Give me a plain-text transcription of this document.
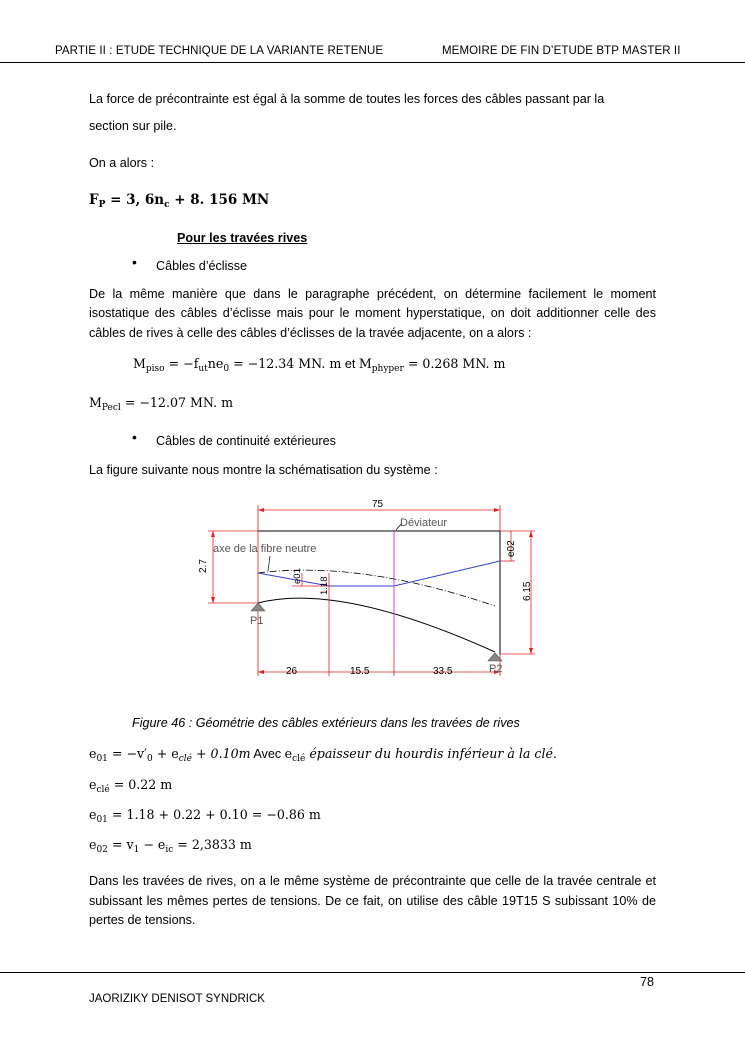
PARTIE II : ETUDE TECHNIQUE DE LA VARIANTE RETENUE	MEMOIRE DE FIN D’ETUDE BTP MASTER II
La force de précontrainte est égal à la somme de toutes les forces des câbles passant par la
section sur pile.
On a alors :
$F_P = 3$, $6n_c + 8$. 156 MN
Pour les travées rives
• Câbles d’éclisse
De la même manière que dans le paragraphe précédent, on détermine facilement le moment isostatique des câbles d’éclisse mais pour le moment hyperstatique, on doit additionner celle des câbles de rives à celle des câbles d’éclisses de la travée adjacente, on a alors :
$M_{piso} = -f_{ut}ne_0 = -12.34$ MN. m et $M_{phyper} = 0.268$ MN. m
$M_{Pecl} = -12.07$ MN. m
• Câbles de continuité extérieures
La figure suivante nous montre la schématisation du système :
75
Déviateur
axe de la fibre neutre
P1
P2
26	15.5	33.5
2.7
6.15
e02
e01
1.18
Figure 46 : Géométrie des câbles extérieurs dans les travées de rives
$e_{01} = -v'_0 + e_{clé} + 0.10m$ Avec $e_{clé}$ épaisseur du hourdis inférieur à la clé.
$e_{clé} = 0.22$ m
$e_{01} = 1.18 + 0.22 + 0.10 = -0.86$ m
$e_{02} = v_1 - e_{ic} = 2,3833$ m
Dans les travées de rives, on a le même système de précontrainte que celle de la travée centrale et subissant les mêmes pertes de tensions. De ce fait, on utilise des câble 19T15 S subissant 10% de pertes de tensions.
78
JAORIZIKY DENISOT SYNDRICK
